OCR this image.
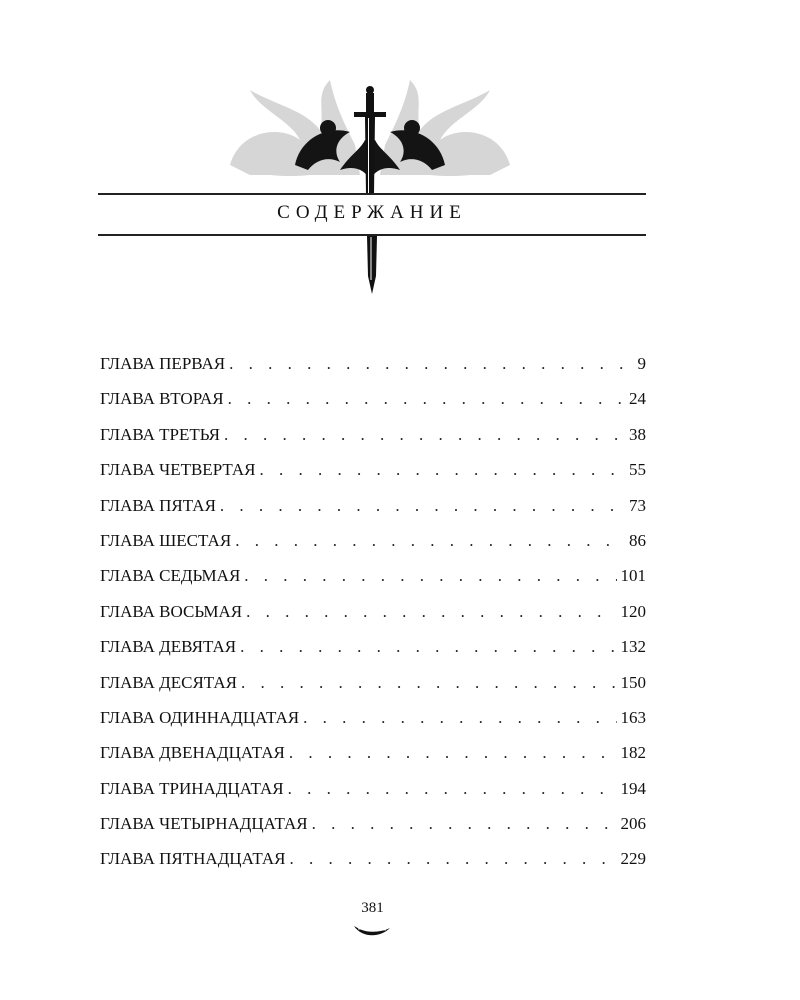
СОДЕРЖАНИЕ
ГЛАВА ПЕРВАЯ . . .	9
ГЛАВА ВТОРАЯ . . .	24
ГЛАВА ТРЕТЬЯ . . .	38
ГЛАВА ЧЕТВЕРТАЯ . . .	55
ГЛАВА ПЯТАЯ . . .	73
ГЛАВА ШЕСТАЯ . . .	86
ГЛАВА СЕДЬМАЯ . . .	101
ГЛАВА ВОСЬМАЯ . . .	120
ГЛАВА ДЕВЯТАЯ . . .	132
ГЛАВА ДЕСЯТАЯ . . .	150
ГЛАВА ОДИННАДЦАТАЯ . . .	163
ГЛАВА ДВЕНАДЦАТАЯ . . .	182
ГЛАВА ТРИНАДЦАТАЯ . . .	194
ГЛАВА ЧЕТЫРНАДЦАТАЯ . . .	206
ГЛАВА ПЯТНАДЦАТАЯ . . .	229
381
